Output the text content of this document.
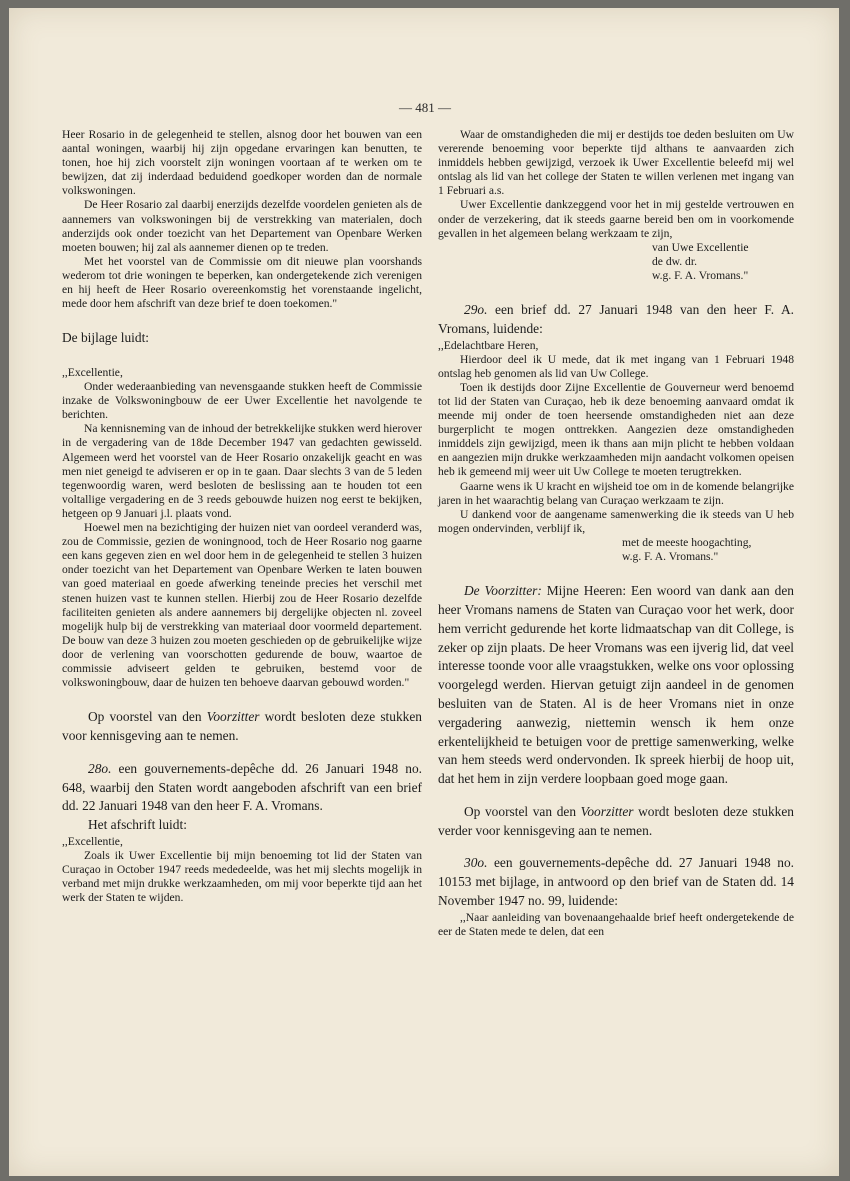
— 481 —

Heer Rosario in de gelegenheid te stellen, alsnog door het bouwen van een aantal woningen, waarbij hij zijn opgedane ervaringen kan benutten, te tonen, hoe hij zich voorstelt zijn woningen voortaan af te werken om te bewijzen, dat zij inderdaad beduidend goedkoper worden dan de normale volkswoningen.

De Heer Rosario zal daarbij enerzijds dezelfde voordelen genieten als de aannemers van volkswoningen bij de verstrekking van materialen, doch anderzijds ook onder toezicht van het Departement van Openbare Werken moeten bouwen; hij zal als aannemer dienen op te treden.

Met het voorstel van de Commissie om dit nieuwe plan voorshands wederom tot drie woningen te beperken, kan ondergetekende zich verenigen en hij heeft de Heer Rosario overeenkomstig het vorenstaande ingelicht, mede door hem afschrift van deze brief te doen toekomen."

De bijlage luidt:

,,Excellentie,

Onder wederaanbieding van nevensgaande stukken heeft de Commissie inzake de Volkswoningbouw de eer Uwer Excellentie het navolgende te berichten.

Na kennisneming van de inhoud der betrekkelijke stukken werd hierover in de vergadering van de 18de December 1947 van gedachten gewisseld. Algemeen werd het voorstel van de Heer Rosario onzakelijk geacht en was men niet geneigd te adviseren er op in te gaan. Daar slechts 3 van de 5 leden tegenwoordig waren, werd besloten de beslissing aan te houden tot een voltallige vergadering en de 3 reeds gebouwde huizen nog eerst te bekijken, hetgeen op 9 Januari j.l. plaats vond.

Hoewel men na bezichtiging der huizen niet van oordeel veranderd was, zou de Commissie, gezien de woningnood, toch de Heer Rosario nog gaarne een kans gegeven zien en wel door hem in de gelegenheid te stellen 3 huizen onder toezicht van het Departement van Openbare Werken te laten bouwen van goed materiaal en goede afwerking teneinde precies het verschil met stenen huizen vast te kunnen stellen. Hierbij zou de Heer Rosario dezelfde faciliteiten genieten als andere aannemers bij dergelijke objecten nl. zoveel mogelijk hulp bij de verstrekking van materiaal door voormeld departement. De bouw van deze 3 huizen zou moeten geschieden op de gebruikelijke wijze door de verlening van voorschotten gedurende de bouw, waartoe de commissie adviseert gelden te gebruiken, bestemd voor de volkswoningbouw, daar de huizen ten behoeve daarvan gebouwd worden."

Op voorstel van den Voorzitter wordt besloten deze stukken voor kennisgeving aan te nemen.

28o. een gouvernements-depêche dd. 26 Januari 1948 no. 648, waarbij den Staten wordt aangeboden afschrift van een brief dd. 22 Januari 1948 van den heer F. A. Vromans.

Het afschrift luidt:

,,Excellentie,

Zoals ik Uwer Excellentie bij mijn benoeming tot lid der Staten van Curaçao in October 1947 reeds mededeelde, was het mij slechts mogelijk in verband met mijn drukke werkzaamheden, om mij voor beperkte tijd aan het werk der Staten te wijden.

Waar de omstandigheden die mij er destijds toe deden besluiten om Uw vererende benoeming voor beperkte tijd althans te aanvaarden zich inmiddels hebben gewijzigd, verzoek ik Uwer Excellentie beleefd mij wel ontslag als lid van het college der Staten te willen verlenen met ingang van 1 Februari a.s.

Uwer Excellentie dankzeggend voor het in mij gestelde vertrouwen en onder de verzekering, dat ik steeds gaarne bereid ben om in voorkomende gevallen in het algemeen belang werkzaam te zijn,

van Uwe Excellentie

de dw. dr.

w.g. F. A. Vromans."

29o. een brief dd. 27 Januari 1948 van den heer F. A. Vromans, luidende:

,,Edelachtbare Heren,

Hierdoor deel ik U mede, dat ik met ingang van 1 Februari 1948 ontslag heb genomen als lid van Uw College.

Toen ik destijds door Zijne Excellentie de Gouverneur werd benoemd tot lid der Staten van Curaçao, heb ik deze benoeming aanvaard omdat ik meende mij onder de toen heersende omstandigheden niet aan deze burgerplicht te mogen onttrekken. Aangezien deze omstandigheden inmiddels zijn gewijzigd, meen ik thans aan mijn plicht te hebben voldaan en aangezien mijn drukke werkzaamheden mijn aandacht volkomen opeisen heb ik gemeend mij weer uit Uw College te moeten terugtrekken.

Gaarne wens ik U kracht en wijsheid toe om in de komende belangrijke jaren in het waarachtig belang van Curaçao werkzaam te zijn.

U dankend voor de aangename samenwerking die ik steeds van U heb mogen ondervinden, verblijf ik,

met de meeste hoogachting,

w.g. F. A. Vromans."

De Voorzitter: Mijne Heeren: Een woord van dank aan den heer Vromans namens de Staten van Curaçao voor het werk, door hem verricht gedurende het korte lidmaatschap van dit College, is zeker op zijn plaats. De heer Vromans was een ijverig lid, dat veel interesse toonde voor alle vraagstukken, welke ons voor oplossing voorgelegd werden. Hiervan getuigt zijn aandeel in de genomen besluiten van de Staten. Al is de heer Vromans niet in onze vergadering aanwezig, niettemin wensch ik hem onze erkentelijkheid te betuigen voor de prettige samenwerking, welke van hem steeds werd ondervonden. Ik spreek hierbij de hoop uit, dat het hem in zijn verdere loopbaan goed moge gaan.

Op voorstel van den Voorzitter wordt besloten deze stukken verder voor kennisgeving aan te nemen.

30o. een gouvernements-depêche dd. 27 Januari 1948 no. 10153 met bijlage, in antwoord op den brief van de Staten dd. 14 November 1947 no. 99, luidende:

,,Naar aanleiding van bovenaangehaalde brief heeft ondergetekende de eer de Staten mede te delen, dat een
